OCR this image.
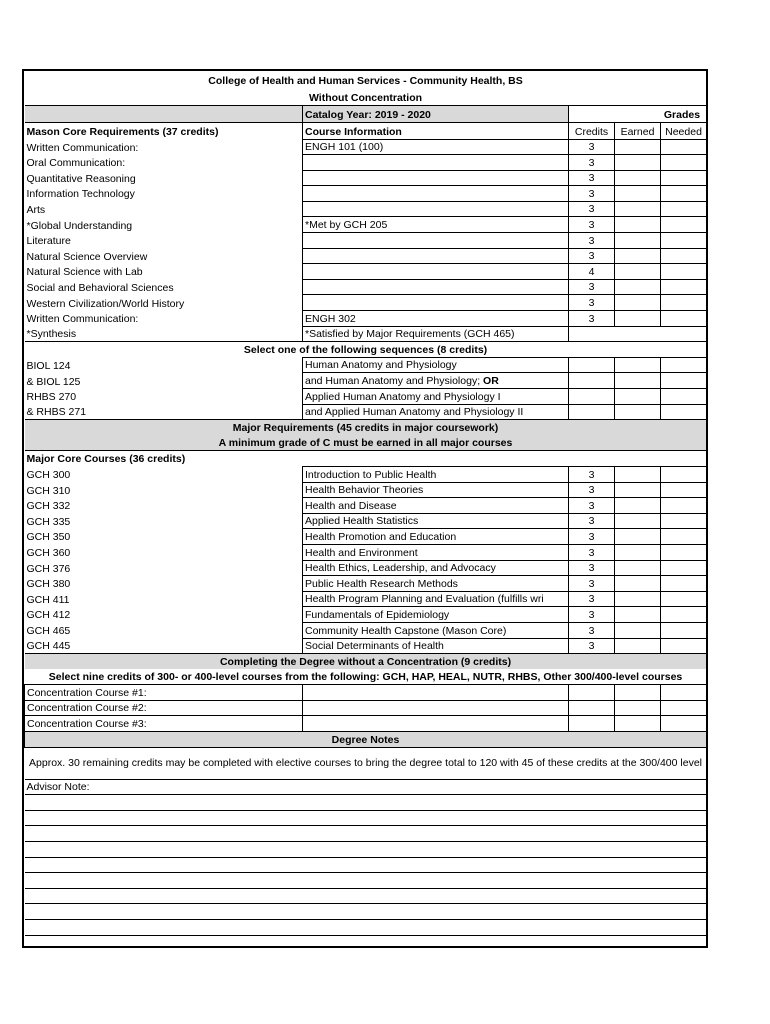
College of Health and Human Services - Community Health, BS				
Without Concentration				
	Catalog Year: 2019 - 2020	Grades		
Mason Core Requirements (37 credits)	Course Information	Credits	Earned	Needed
Written Communication:	ENGH 101 (100)	3		
Oral Communication:		3		
Quantitative Reasoning		3		
Information Technology		3		
Arts		3		
*Global Understanding	*Met by GCH 205	3		
Literature		3		
Natural Science Overview		3		
Natural Science with Lab		4		
Social and Behavioral Sciences		3		
Western Civilization/World History		3		
Written Communication:	ENGH 302	3		
*Synthesis	*Satisfied by Major Requirements (GCH 465)			
Select one of the following sequences (8 credits)				
BIOL 124	Human Anatomy and Physiology			
& BIOL 125	and Human Anatomy and Physiology; OR			
RHBS 270	Applied Human Anatomy and Physiology I			
& RHBS 271	and Applied Human Anatomy and Physiology II			
Major Requirements (45 credits in major coursework)				
A minimum grade of C must be earned in all major courses				
Major Core Courses (36 credits)				
GCH 300	Introduction to Public Health	3		
GCH 310	Health Behavior Theories	3		
GCH 332	Health and Disease	3		
GCH 335	Applied Health Statistics	3		
GCH 350	Health Promotion and Education	3		
GCH 360	Health and Environment	3		
GCH 376	Health Ethics, Leadership, and Advocacy	3		
GCH 380	Public Health Research Methods	3		
GCH 411	Health Program Planning and Evaluation (fulfills wri	3		
GCH 412	Fundamentals of Epidemiology	3		
GCH 465	Community Health Capstone (Mason Core)	3		
GCH 445	Social Determinants of Health	3		
Completing the Degree without a Concentration (9 credits)				
Select nine credits of 300- or 400-level courses from the following: GCH, HAP, HEAL, NUTR, RHBS, Other 300/400-level courses				
Concentration Course #1:				
Concentration Course #2:				
Concentration Course #3:				
Degree Notes				
Approx. 30 remaining credits may be completed with elective courses to bring the degree total to 120 with 45 of these credits at the 300/400 level				
Advisor Note:				
